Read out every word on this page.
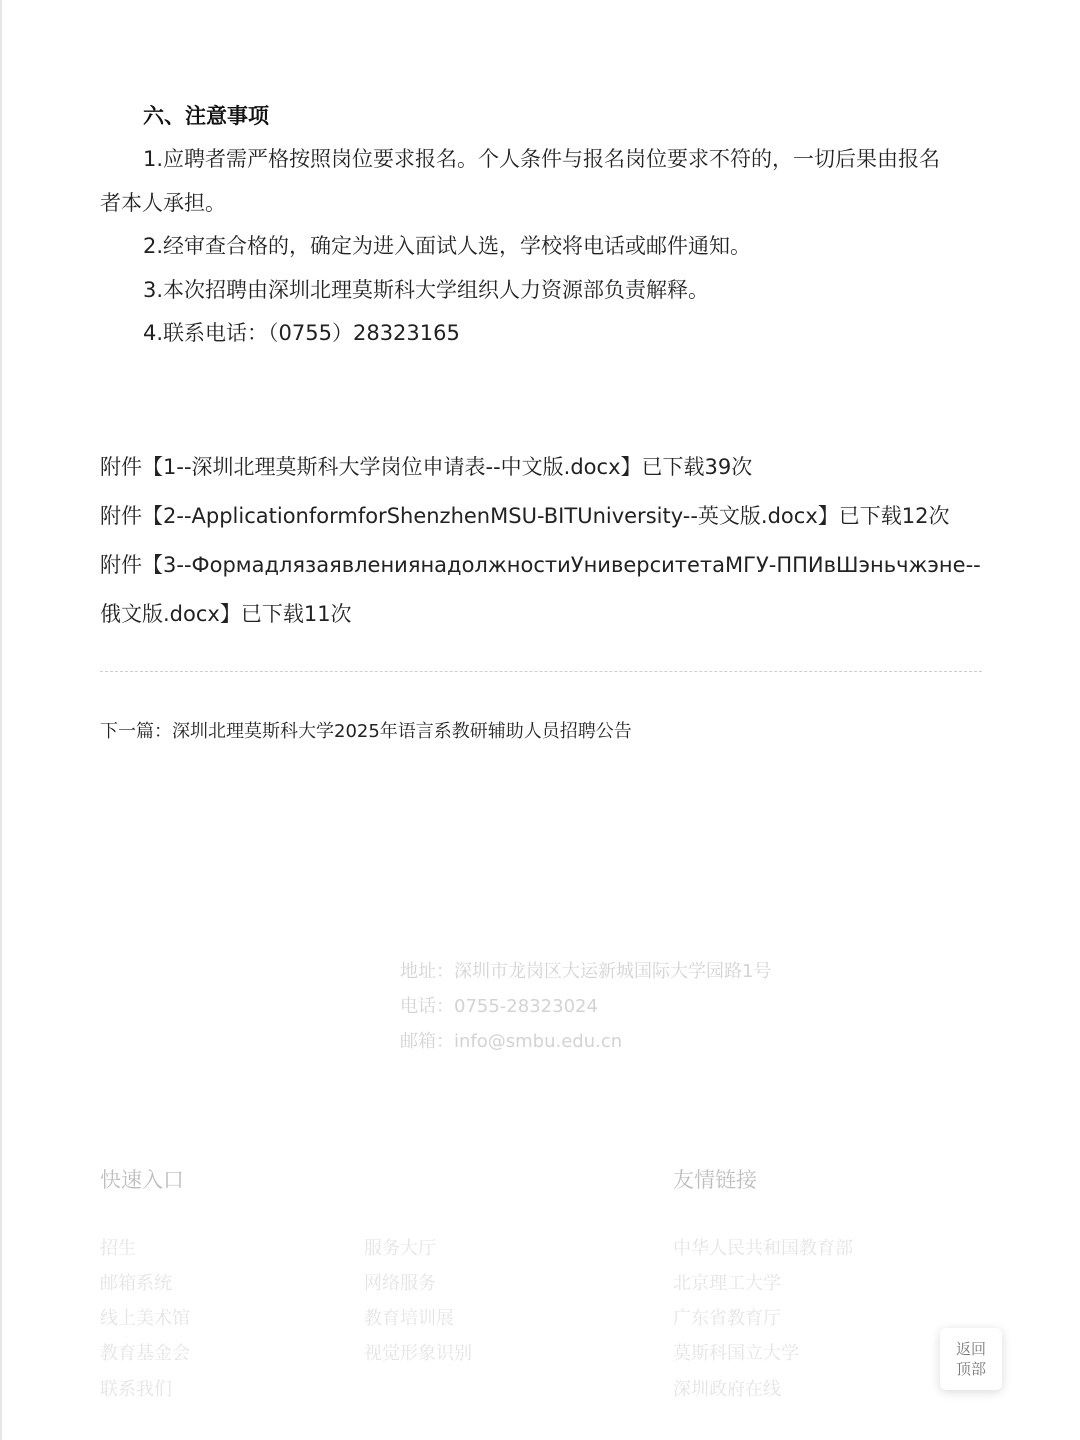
六、注意事项
1.应聘者需严格按照岗位要求报名。个人条件与报名岗位要求不符的，一切后果由报名
者本人承担。
2.经审查合格的，确定为进入面试人选，学校将电话或邮件通知。
3.本次招聘由深圳北理莫斯科大学组织人力资源部负责解释。
4.联系电话：（0755）28323165
附件【1--深圳北理莫斯科大学岗位申请表--中文版.docx】已下载39次
附件【2--ApplicationformforShenzhenMSU-BITUniversity--英文版.docx】已下载12次
附件【3--ФормадлязаявлениянадолжностиУниверситетаМГУ-ППИвШэньчжэне--
俄文版.docx】已下载11次
下一篇：深圳北理莫斯科大学2025年语言系教研辅助人员招聘公告
地址：深圳市龙岗区大运新城国际大学园路1号
电话：0755-28323024
邮箱：info@smbu.edu.cn
快速入口	友情链接
招生
邮箱系统
线上美术馆
教育基金会
联系我们
服务大厅
网络服务
教育培训展
视觉形象识别
中华人民共和国教育部
北京理工大学
广东省教育厅
莫斯科国立大学
深圳政府在线
返回
顶部
